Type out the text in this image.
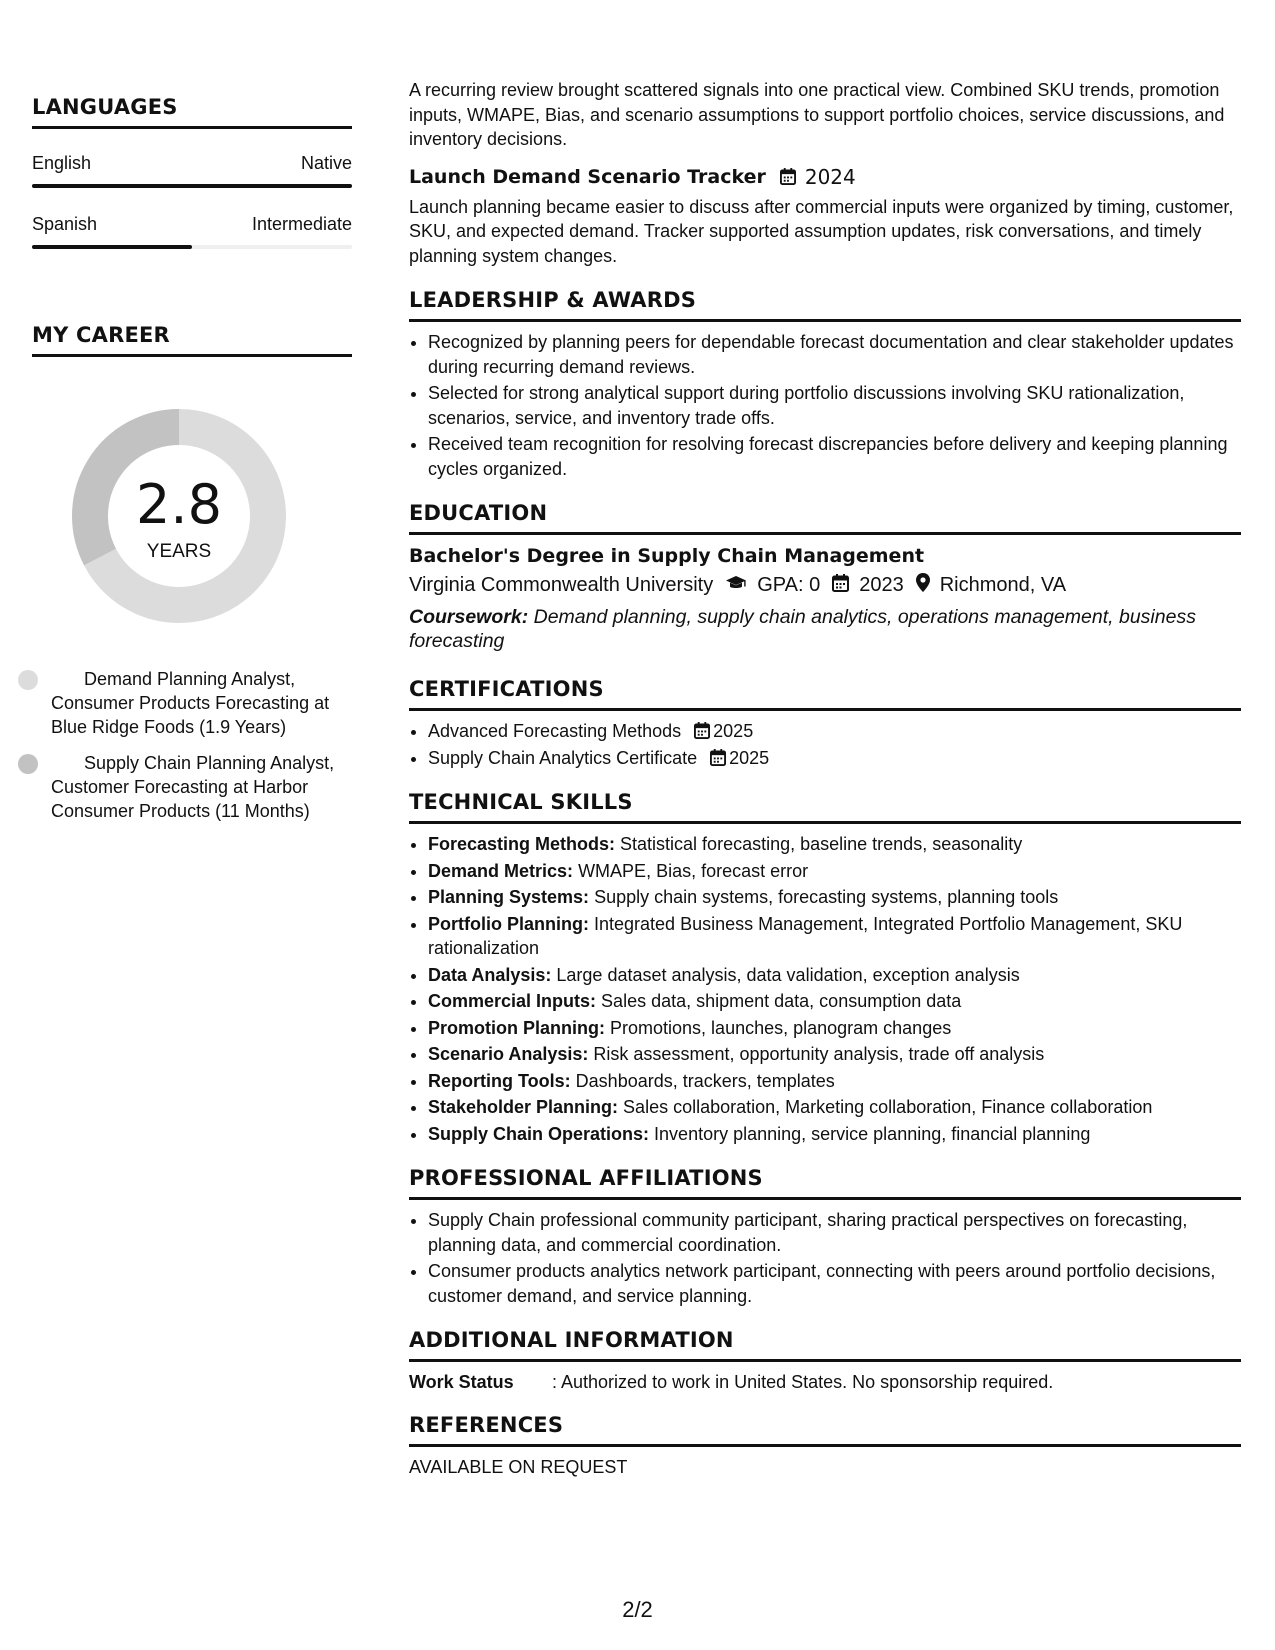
LANGUAGES
English	Native
Spanish	Intermediate
MY CAREER
2.8
YEARS
Demand Planning Analyst, Consumer Products Forecasting at Blue Ridge Foods (1.9 Years)
Supply Chain Planning Analyst, Customer Forecasting at Harbor Consumer Products (11 Months)

A recurring review brought scattered signals into one practical view. Combined SKU trends, promotion inputs, WMAPE, Bias, and scenario assumptions to support portfolio choices, service discussions, and inventory decisions.

Launch Demand Scenario Tracker 2024

Launch planning became easier to discuss after commercial inputs were organized by timing, customer, SKU, and expected demand. Tracker supported assumption updates, risk conversations, and timely planning system changes.

LEADERSHIP & AWARDS
• Recognized by planning peers for dependable forecast documentation and clear stakeholder updates during recurring demand reviews.
• Selected for strong analytical support during portfolio discussions involving SKU rationalization, scenarios, service, and inventory trade offs.
• Received team recognition for resolving forecast discrepancies before delivery and keeping planning cycles organized.
EDUCATION
Bachelor's Degree in Supply Chain Management
Virginia Commonwealth University GPA: 0 2023 Richmond, VA
Coursework: Demand planning, supply chain analytics, operations management, business forecasting
CERTIFICATIONS
• Advanced Forecasting Methods 2025
• Supply Chain Analytics Certificate 2025
TECHNICAL SKILLS
• Forecasting Methods: Statistical forecasting, baseline trends, seasonality
• Demand Metrics: WMAPE, Bias, forecast error
• Planning Systems: Supply chain systems, forecasting systems, planning tools
• Portfolio Planning: Integrated Business Management, Integrated Portfolio Management, SKU rationalization
• Data Analysis: Large dataset analysis, data validation, exception analysis
• Commercial Inputs: Sales data, shipment data, consumption data
• Promotion Planning: Promotions, launches, planogram changes
• Scenario Analysis: Risk assessment, opportunity analysis, trade off analysis
• Reporting Tools: Dashboards, trackers, templates
• Stakeholder Planning: Sales collaboration, Marketing collaboration, Finance collaboration
• Supply Chain Operations: Inventory planning, service planning, financial planning
PROFESSIONAL AFFILIATIONS
• Supply Chain professional community participant, sharing practical perspectives on forecasting, planning data, and commercial coordination.
• Consumer products analytics network participant, connecting with peers around portfolio decisions, customer demand, and service planning.
ADDITIONAL INFORMATION
Work Status	: Authorized to work in United States. No sponsorship required.
REFERENCES
AVAILABLE ON REQUEST
2/2
